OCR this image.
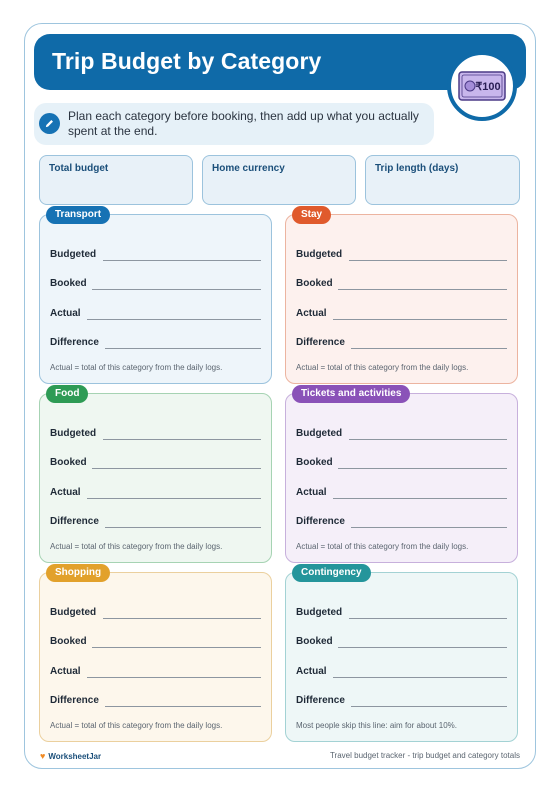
Trip Budget by Category
₹100
Plan each category before booking, then add up what you actually spent at the end.
Total budget	Home currency	Trip length (days)
Transport
Budgeted
Booked
Actual
Difference
Actual = total of this category from the daily logs.
Stay
Budgeted
Booked
Actual
Difference
Actual = total of this category from the daily logs.
Food
Budgeted
Booked
Actual
Difference
Actual = total of this category from the daily logs.
Tickets and activities
Budgeted
Booked
Actual
Difference
Actual = total of this category from the daily logs.
Shopping
Budgeted
Booked
Actual
Difference
Actual = total of this category from the daily logs.
Contingency
Budgeted
Booked
Actual
Difference
Most people skip this line: aim for about 10%.
♥ WorksheetJar	Travel budget tracker - trip budget and category totals
